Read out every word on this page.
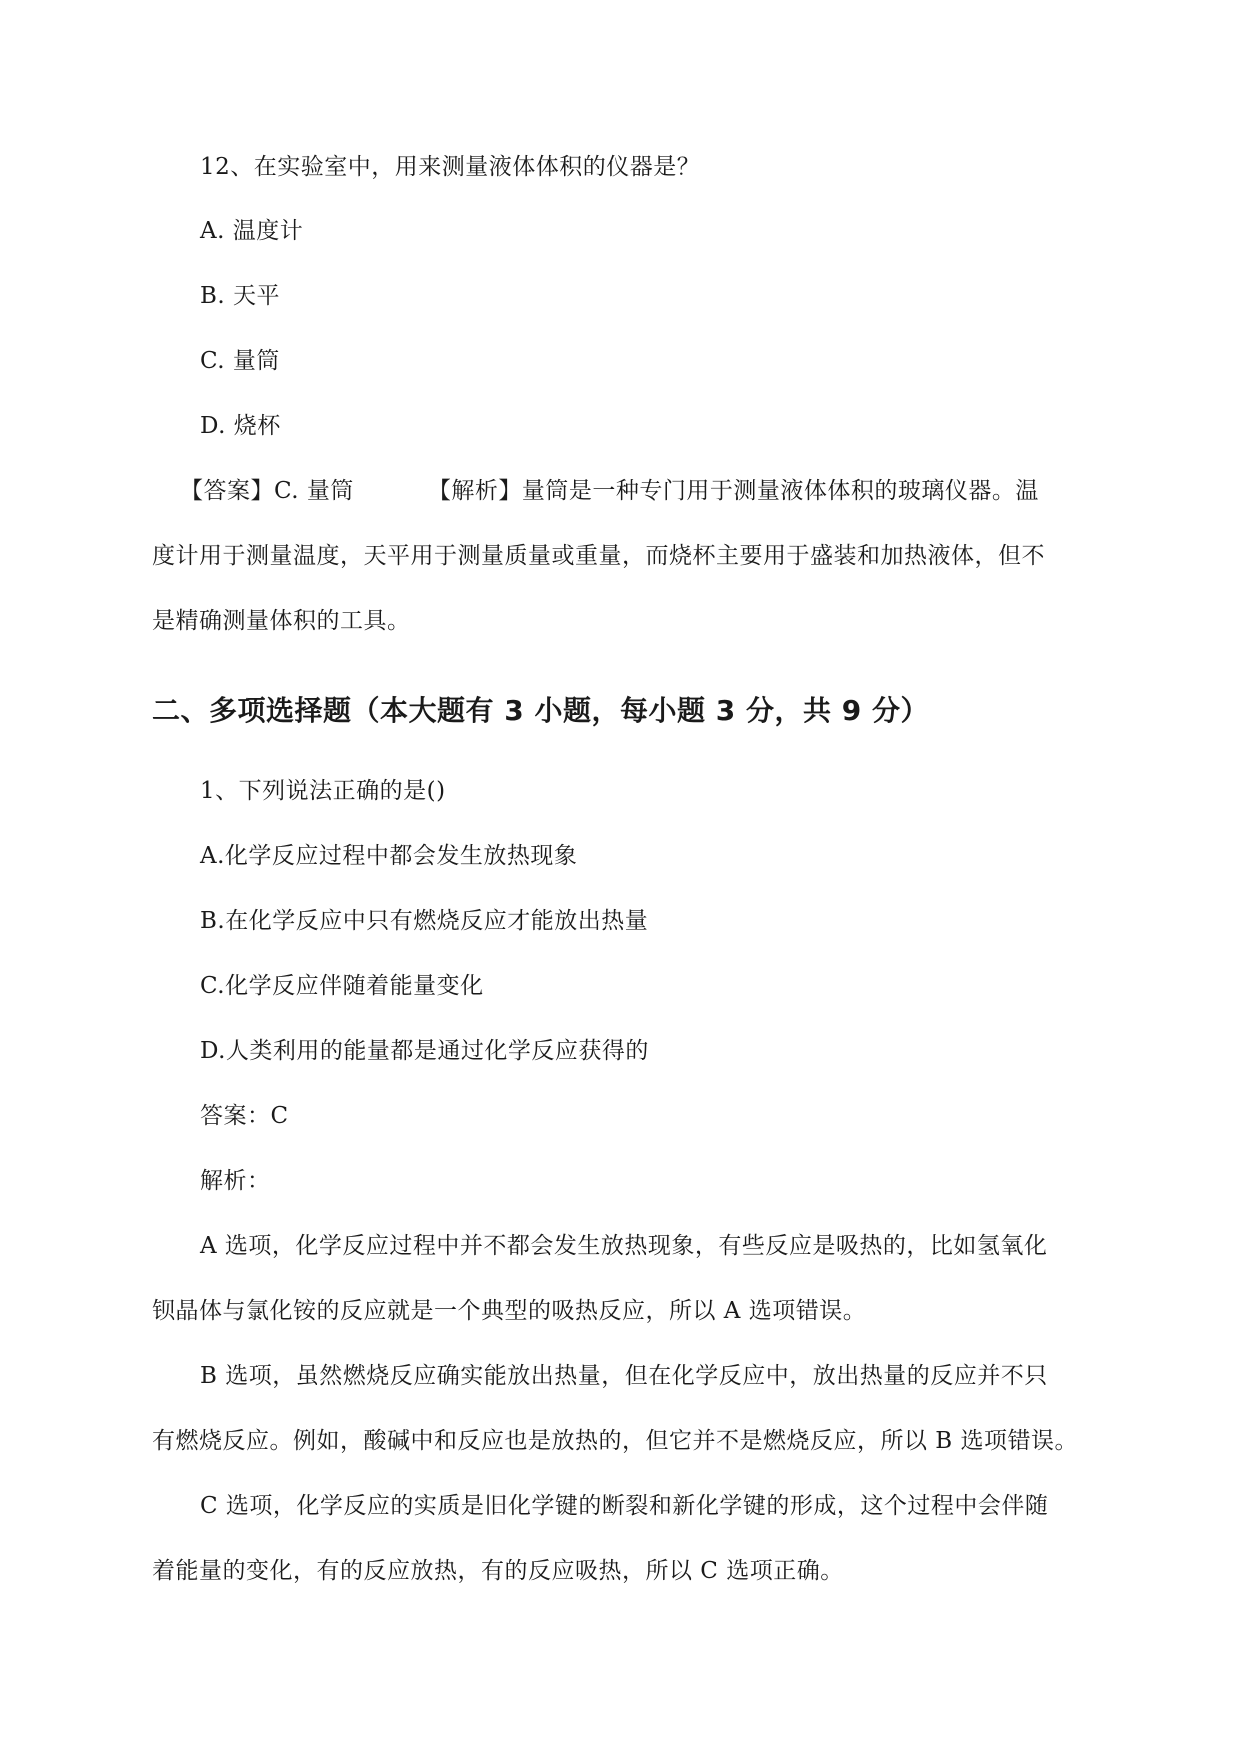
12、在实验室中，用来测量液体体积的仪器是？
A. 温度计
B. 天平
C. 量筒
D. 烧杯
【答案】C. 量筒	【解析】量筒是一种专门用于测量液体体积的玻璃仪器。温
度计用于测量温度，天平用于测量质量或重量，而烧杯主要用于盛装和加热液体，但不
是精确测量体积的工具。
二、多项选择题（本大题有 3 小题，每小题 3 分，共 9 分）
1、下列说法正确的是()
A.化学反应过程中都会发生放热现象
B.在化学反应中只有燃烧反应才能放出热量
C.化学反应伴随着能量变化
D.人类利用的能量都是通过化学反应获得的
答案：C
解析：
A 选项，化学反应过程中并不都会发生放热现象，有些反应是吸热的，比如氢氧化
钡晶体与氯化铵的反应就是一个典型的吸热反应，所以 A 选项错误。
B 选项，虽然燃烧反应确实能放出热量，但在化学反应中，放出热量的反应并不只
有燃烧反应。例如，酸碱中和反应也是放热的，但它并不是燃烧反应，所以 B 选项错误。
C 选项，化学反应的实质是旧化学键的断裂和新化学键的形成，这个过程中会伴随
着能量的变化，有的反应放热，有的反应吸热，所以 C 选项正确。
